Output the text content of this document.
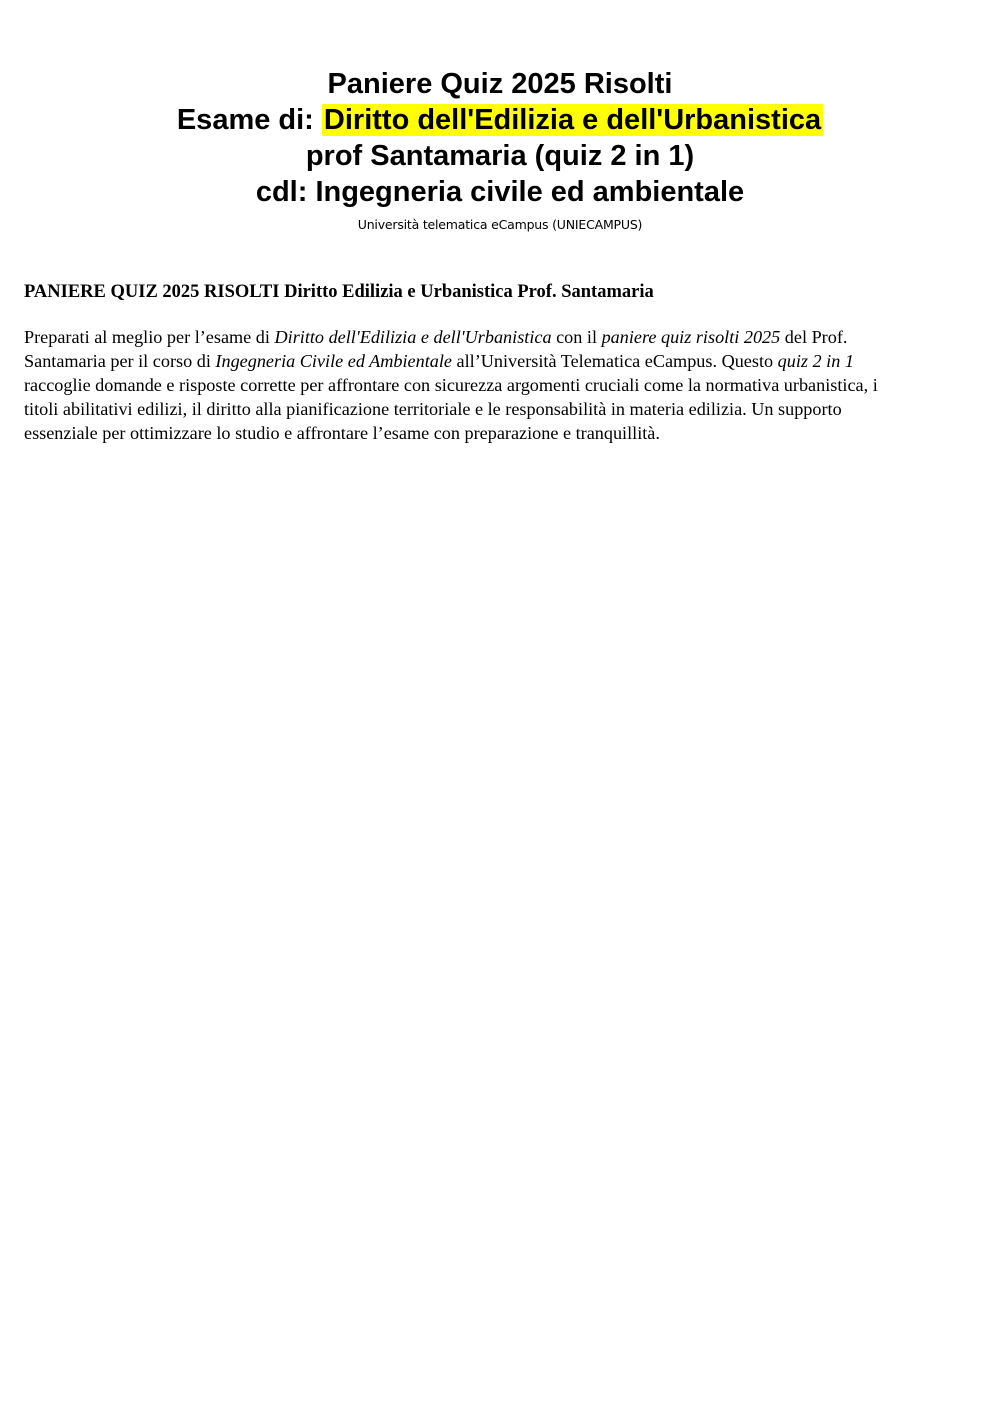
Paniere Quiz 2025 Risolti
Esame di: Diritto dell'Edilizia e dell'Urbanistica
prof Santamaria (quiz 2 in 1)
cdl: Ingegneria civile ed ambientale
Università telematica eCampus (UNIECAMPUS)
PANIERE QUIZ 2025 RISOLTI Diritto Edilizia e Urbanistica Prof. Santamaria
Preparati al meglio per l’esame di Diritto dell'Edilizia e dell'Urbanistica con il paniere quiz risolti 2025 del Prof.
Santamaria per il corso di Ingegneria Civile ed Ambientale all’Università Telematica eCampus. Questo quiz 2 in 1
raccoglie domande e risposte corrette per affrontare con sicurezza argomenti cruciali come la normativa urbanistica, i
titoli abilitativi edilizi, il diritto alla pianificazione territoriale e le responsabilità in materia edilizia. Un supporto
essenziale per ottimizzare lo studio e affrontare l’esame con preparazione e tranquillità.
